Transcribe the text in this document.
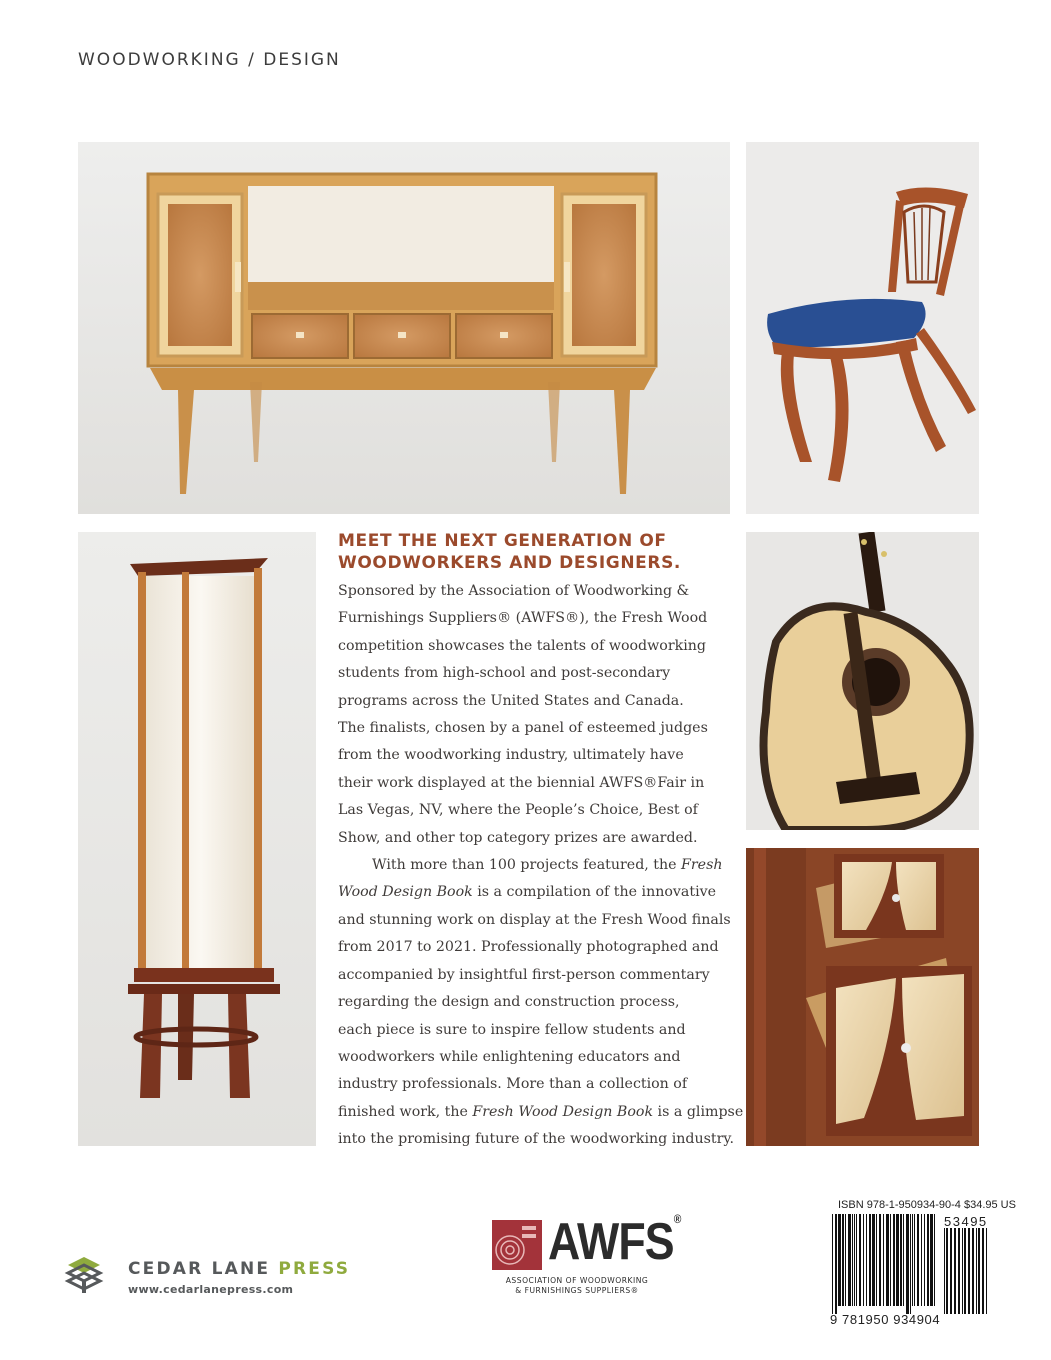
WOODWORKING / DESIGN
MEET THE NEXT GENERATION OF
WOODWORKERS AND DESIGNERS.
Sponsored by the Association of Woodworking &
Furnishings Suppliers® (AWFS®), the Fresh Wood
competition showcases the talents of woodworking
students from high-school and post-secondary
programs across the United States and Canada.
The finalists, chosen by a panel of esteemed judges
from the woodworking industry, ultimately have
their work displayed at the biennial AWFS®Fair in
Las Vegas, NV, where the People’s Choice, Best of
Show, and other top category prizes are awarded.
With more than 100 projects featured, the Fresh
Wood Design Book is a compilation of the innovative
and stunning work on display at the Fresh Wood finals
from 2017 to 2021. Professionally photographed and
accompanied by insightful first-person commentary
regarding the design and construction process,
each piece is sure to inspire fellow students and
woodworkers while enlightening educators and
industry professionals. More than a collection of
finished work, the Fresh Wood Design Book is a glimpse
into the promising future of the woodworking industry.
CEDAR LANE PRESS
www.cedarlanepress.com
AWFS®
ASSOCIATION OF WOODWORKING
& FURNISHINGS SUPPLIERS®
ISBN 978-1-950934-90-4 $34.95 US
53495
9 781950 934904
